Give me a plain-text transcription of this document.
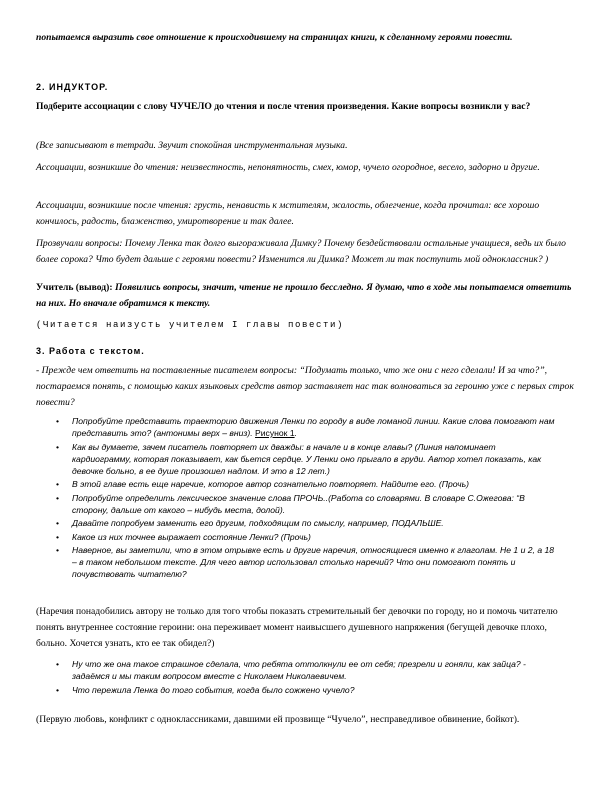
попытаемся выразить свое отношение к происходившему на страницах книги, к сделанному героями повести.

2. ИНДУКТОР.

Подберите ассоциации с слову ЧУЧЕЛО до чтения и после чтения произведения. Какие вопросы возникли у вас?

(Все записывают в тетради. Звучит спокойная инструментальная музыка.

Ассоциации, возникшие до чтения: неизвестность, непонятность, смех, юмор, чучело огородное, весело, задорно и другие.

Ассоциации, возникшие после чтения: грусть, ненависть к мстителям, жалость, облегчение, когда прочитал: все хорошо кончилось, радость, блаженство, умиротворение и так далее.

Прозвучали вопросы: Почему Ленка так долго выгораживала Димку? Почему бездействовали остальные учащиеся, ведь их было более сорока? Что будет дальше с героями повести? Изменится ли Димка? Может ли так поступить мой одноклассник? )

Учитель (вывод): Появились вопросы, значит, чтение не прошло бесследно. Я думаю, что в ходе мы попытаемся ответить на них. Но вначале обратимся к тексту.

(Читается наизусть учителем I главы повести)

3. Работа с текстом.

- Прежде чем ответить на поставленные писателем вопросы: “Подумать только, что же они с него сделали! И за что?”, постараемся понять, с помощью каких языковых средств автор заставляет нас так волноваться за героиню уже с первых строк повести?

• Попробуйте представить траекторию движения Ленки по городу в виде ломаной линии. Какие слова помогают нам представить это? (антонимы верх – вниз). Рисунок 1.
• Как вы думаете, зачем писатель повторяет их дважды: в начале и в конце главы? (Линия напоминает кардиограмму, которая показывает, как бьется сердце. У Ленки оно прыгало в груди. Автор хотел показать, как девочке больно, в ее душе произошел надлом. И это в 12 лет.)
• В этой главе есть еще наречие, которое автор сознательно повторяет. Найдите его. (Прочь)
• Попробуйте определить лексическое значение слова ПРОЧЬ..(Работа со словарями. В словаре С.Ожегова: “В сторону, дальше от какого – нибудь места, долой).
• Давайте попробуем заменить его другим, подходящим по смыслу, например, ПОДАЛЬШЕ.
• Какое из них точнее выражает состояние Ленки? (Прочь)
• Наверное, вы заметили, что в этом отрывке есть и другие наречия, относящиеся именно к глаголам. Не 1 и 2, а 18 – в таком небольшом тексте. Для чего автор использовал столько наречий? Что они помогают понять и почувствовать читателю?

(Наречия понадобились автору не только для того чтобы показать стремительный бег девочки по городу, но и помочь читателю понять внутреннее состояние героини: она переживает момент наивысшего душевного напряжения (бегущей девочке плохо, больно. Хочется узнать, кто ее так обидел?)

• Ну что же она такое страшное сделала, что ребята оттолкнули ее от себя; презрели и гоняли, как зайца? - задаёмся и мы таким вопросом вместе с Николаем Николаевичем.
• Что пережила Ленка до того события, когда было сожжено чучело?

(Первую любовь, конфликт с одноклассниками, давшими ей прозвище “Чучело”, несправедливое обвинение, бойкот).
